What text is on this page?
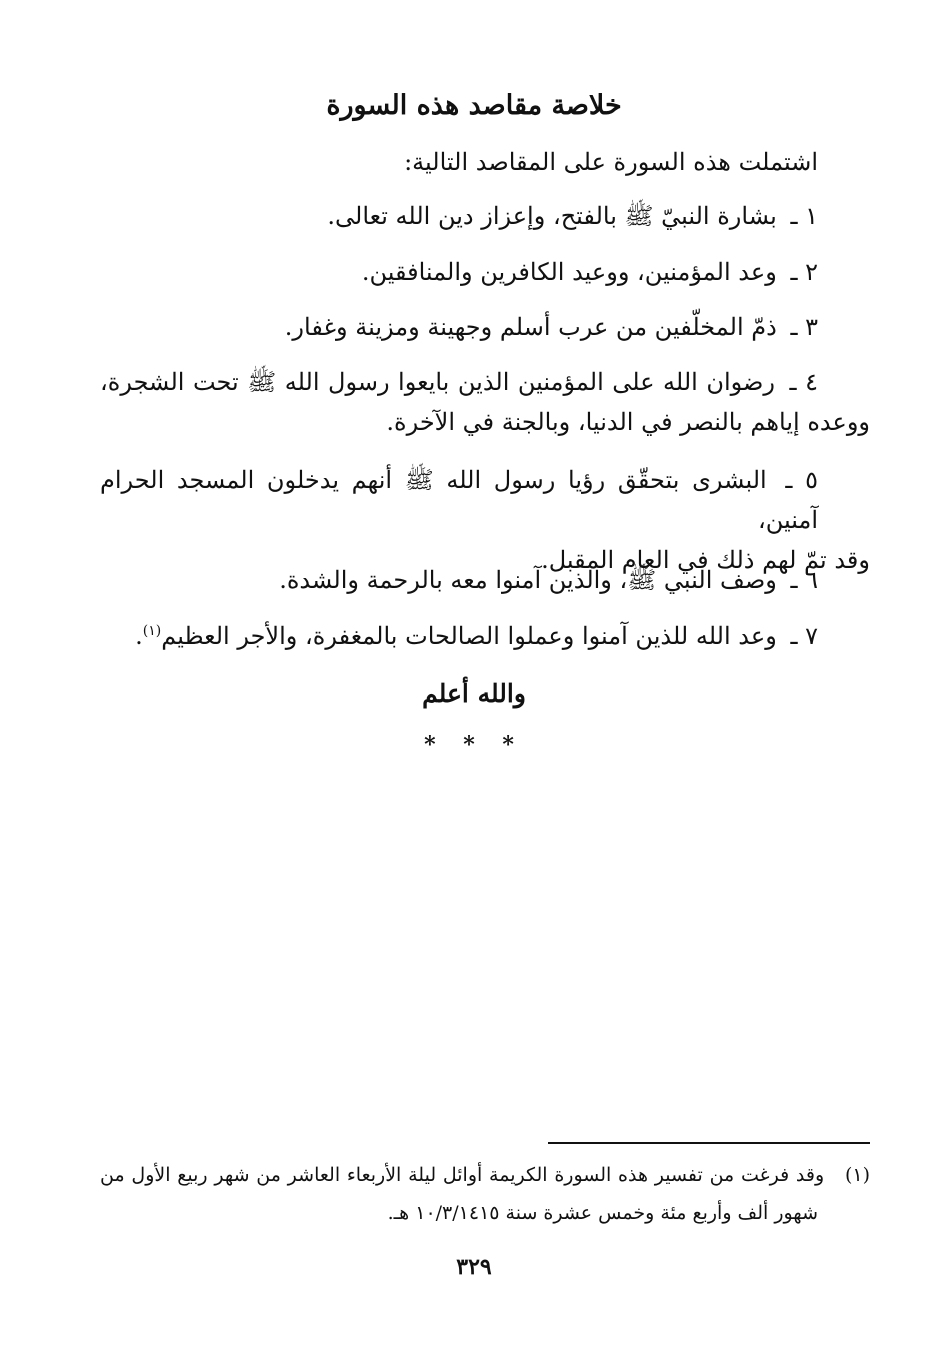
خلاصة مقاصد هذه السورة
اشتملت هذه السورة على المقاصد التالية:
١ ـ بشارة النبيّ ﷺ بالفتح، وإعزاز دين الله تعالى.
٢ ـ وعد المؤمنين، ووعيد الكافرين والمنافقين.
٣ ـ ذمّ المخلّفين من عرب أسلم وجهينة ومزينة وغفار.
٤ ـ رضوان الله على المؤمنين الذين بايعوا رسول الله ﷺ تحت الشجرة،
ووعده إياهم بالنصر في الدنيا، وبالجنة في الآخرة.
٥ ـ البشرى بتحقّق رؤيا رسول الله ﷺ أنهم يدخلون المسجد الحرام آمنين،
وقد تمّ لهم ذلك في العام المقبل.
٦ ـ وصف النبي ﷺ، والذين آمنوا معه بالرحمة والشدة.
٧ ـ وعد الله للذين آمنوا وعملوا الصالحات بالمغفرة، والأجر العظيم$^{(١)}$.
والله أعلم
* * *
(١) وقد فرغت من تفسير هذه السورة الكريمة أوائل ليلة الأربعاء العاشر من شهر ربيع الأول من
شهور ألف وأربع مئة وخمس عشرة سنة ١٠/٣/١٤١٥ هـ.
٣٢٩
